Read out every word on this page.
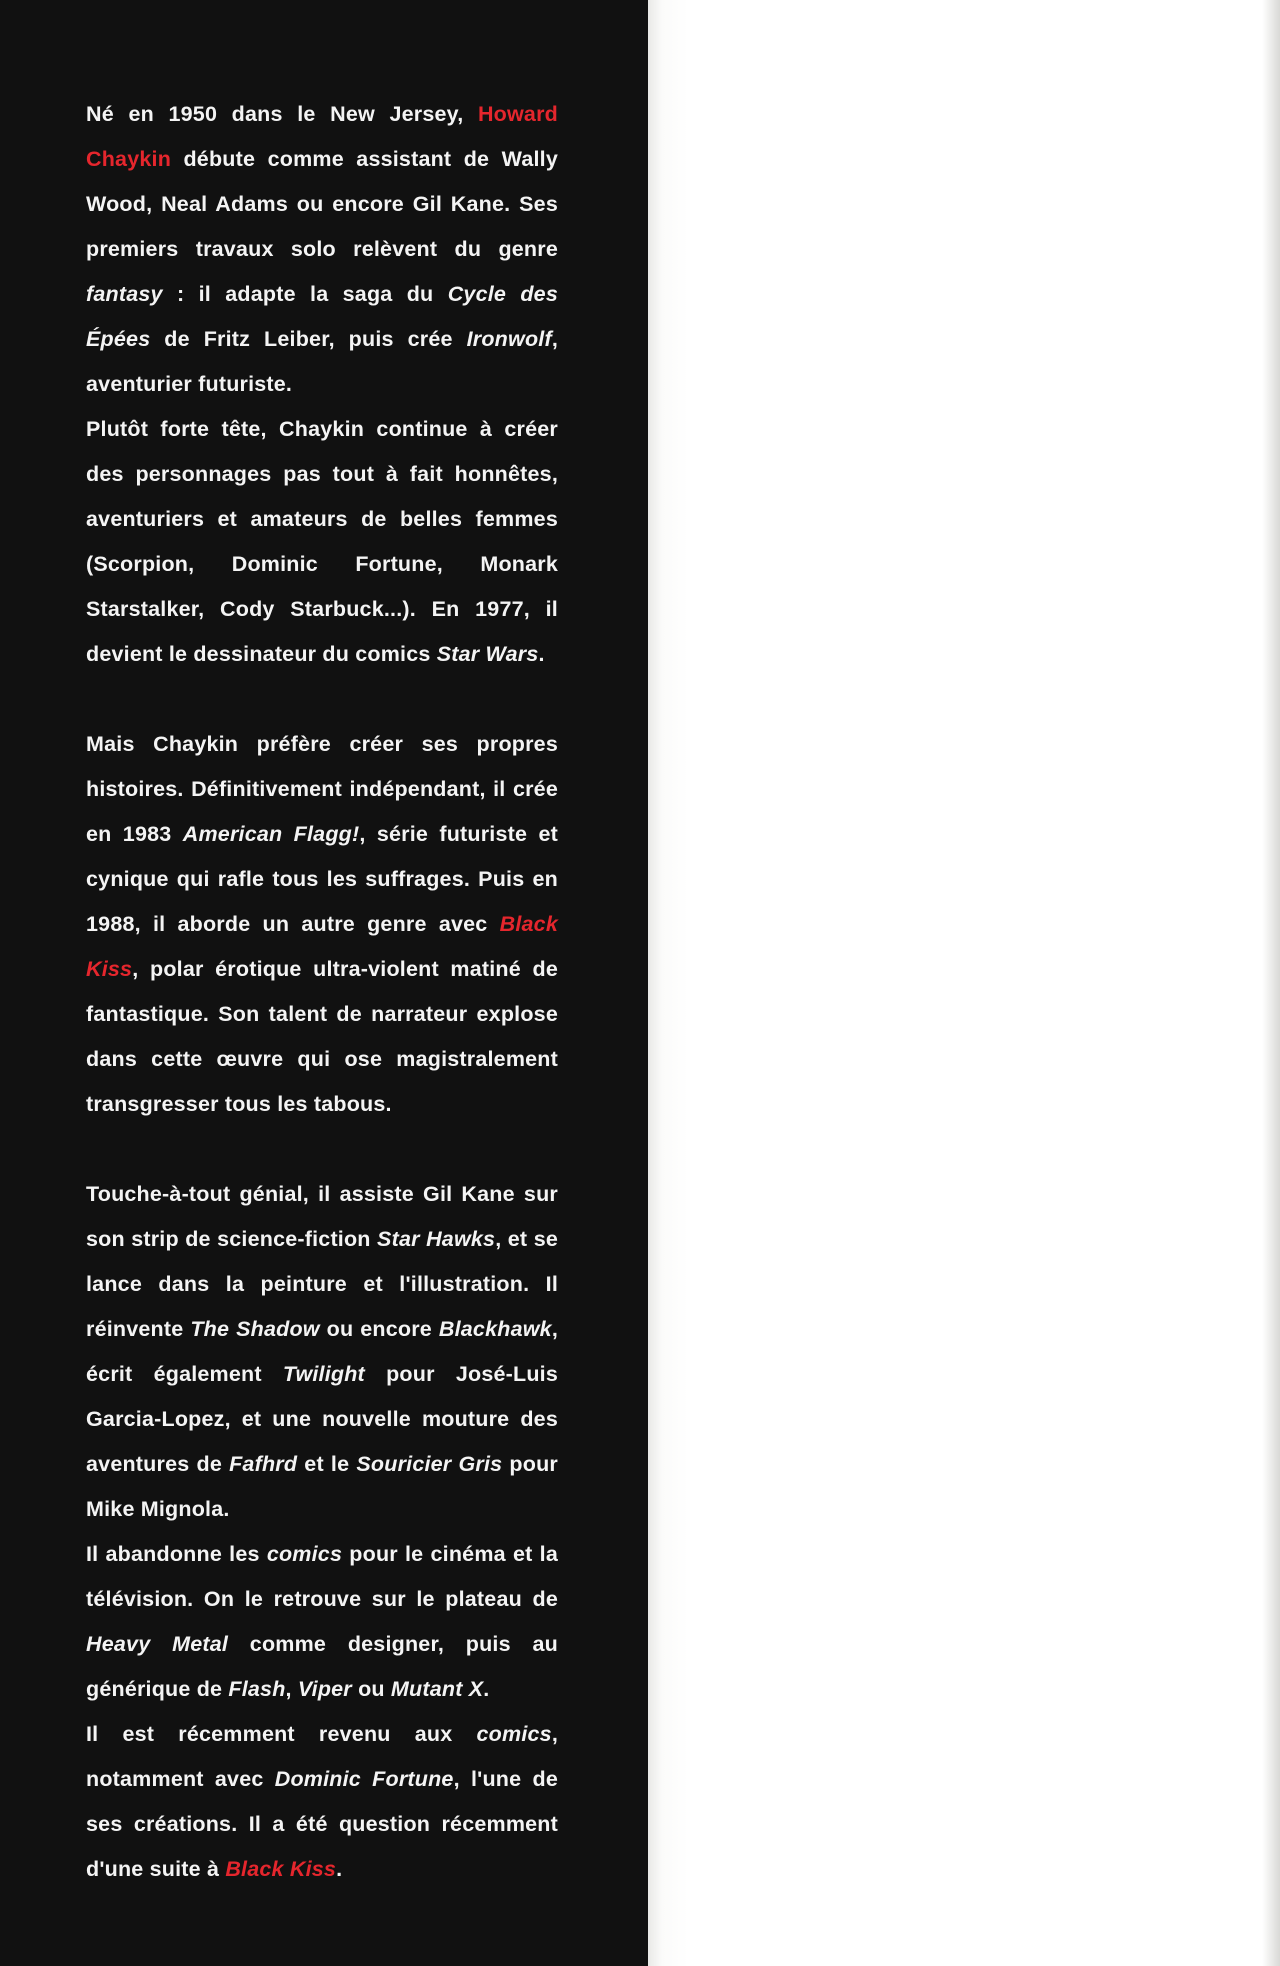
Né en 1950 dans le New Jersey, Howard Chaykin débute comme assistant de Wally Wood, Neal Adams ou encore Gil Kane. Ses premiers travaux solo relèvent du genre fantasy : il adapte la saga du Cycle des Épées de Fritz Leiber, puis crée Ironwolf, aventurier futuriste.

Plutôt forte tête, Chaykin continue à créer des personnages pas tout à fait honnêtes, aventuriers et amateurs de belles femmes (Scorpion, Dominic Fortune, Monark Starstalker, Cody Starbuck...). En 1977, il devient le dessinateur du comics Star Wars.

Mais Chaykin préfère créer ses propres histoires. Définitivement indépendant, il crée en 1983 American Flagg!, série futuriste et cynique qui rafle tous les suffrages. Puis en 1988, il aborde un autre genre avec Black Kiss, polar érotique ultra-violent matiné de fantastique. Son talent de narrateur explose dans cette œuvre qui ose magistralement transgresser tous les tabous.

Touche-à-tout génial, il assiste Gil Kane sur son strip de science-fiction Star Hawks, et se lance dans la peinture et l'illustration. Il réinvente The Shadow ou encore Blackhawk, écrit également Twilight pour José-Luis Garcia-Lopez, et une nouvelle mouture des aventures de Fafhrd et le Souricier Gris pour Mike Mignola.

Il abandonne les comics pour le cinéma et la télévision. On le retrouve sur le plateau de Heavy Metal comme designer, puis au générique de Flash, Viper ou Mutant X.

Il est récemment revenu aux comics, notamment avec Dominic Fortune, l'une de ses créations. Il a été question récemment d'une suite à Black Kiss.
